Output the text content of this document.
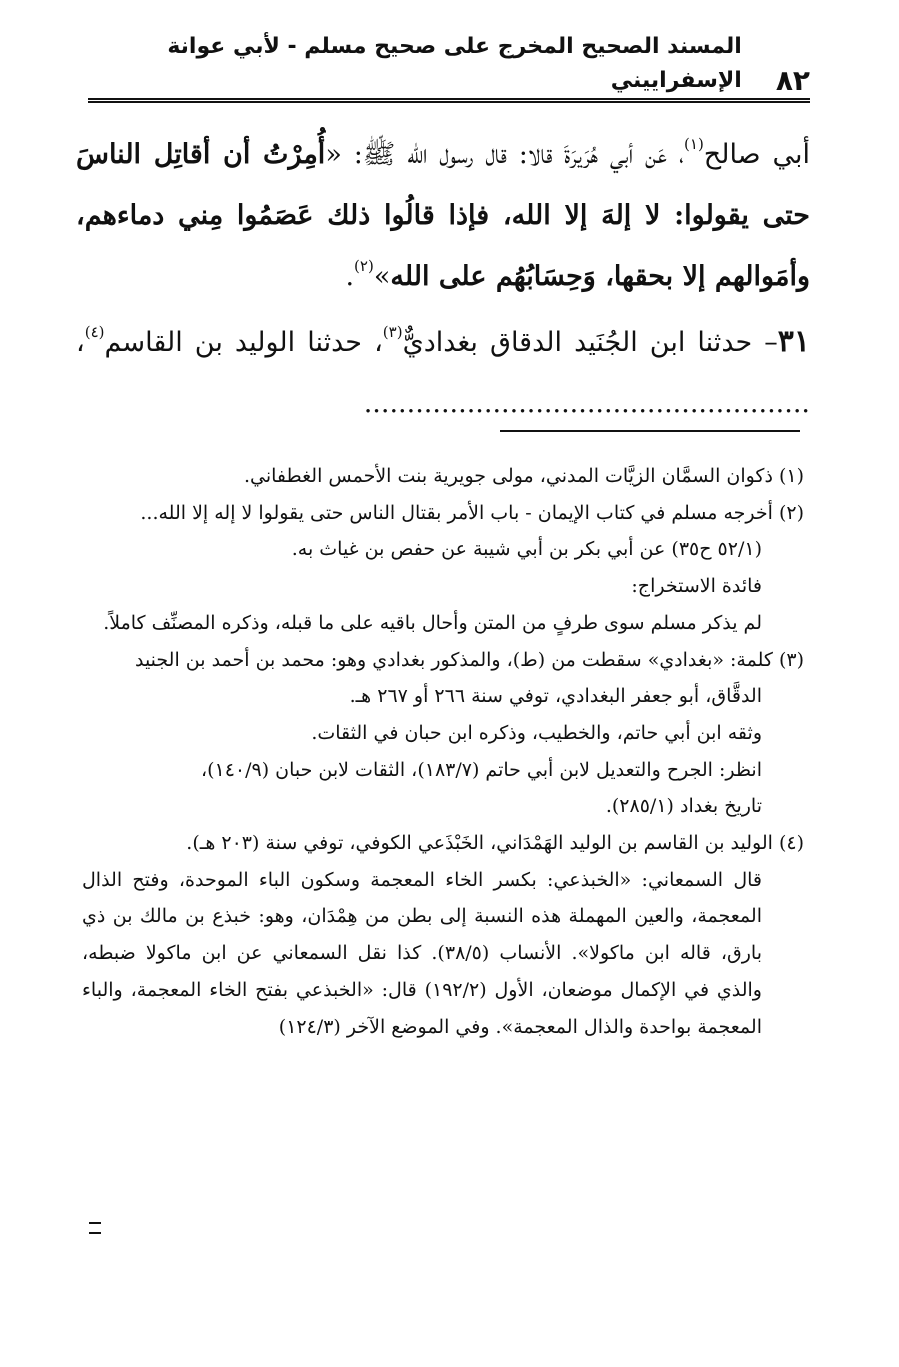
٨٢
المسند الصحيح المخرج على صحيح مسلم - لأبي عوانة الإسفراييني

أبي صالح$^{(١)}$، عَن أبي هُرَيرَةَ قالا: قال رسول الله ﷺ: «أُمِرْتُ أن أقاتِل الناسَ حتى يقولوا: لا إلهَ إلا الله، فإذا قالُوا ذلك عَصَمُوا مِني دماءهم، وأمَوالهم إلا بحقها، وَحِسَابُهُم على الله»$^{(٢)}$.

٣١– حدثنا ابن الجُنَيد الدقاق بغداديٌّ$^{(٣)}$، حدثنا الوليد بن القاسم$^{(٤)}$، ....................................................

(١)ذكوان السمَّان الزيَّات المدني، مولى جويرية بنت الأحمس الغطفاني.

(٢)أخرجه مسلم في كتاب الإيمان - باب الأمر بقتال الناس حتى يقولوا لا إله إلا الله...

(٥٢/١ ح٣٥) عن أبي بكر بن أبي شيبة عن حفص بن غياث به.

فائدة الاستخراج:

لم يذكر مسلم سوى طرفٍ من المتن وأحال باقيه على ما قبله، وذكره المصنِّف كاملاً.

(٣)كلمة: «بغدادي» سقطت من (ط)، والمذكور بغدادي وهو: محمد بن أحمد بن الجنيد

الدقَّاق، أبو جعفر البغدادي، توفي سنة ٢٦٦ أو ٢٦٧ هـ.

وثقه ابن أبي حاتم، والخطيب، وذكره ابن حبان في الثقات.

انظر: الجرح والتعديل لابن أبي حاتم (١٨٣/٧)، الثقات لابن حبان (١٤٠/٩)،

تاريخ بغداد (٢٨٥/١).

(٤)الوليد بن القاسم بن الوليد الهَمْدَاني، الخَبْذَعي الكوفي، توفي سنة (٢٠٣ هـ).

قال السمعاني: «الخبذعي: بكسر الخاء المعجمة وسكون الباء الموحدة، وفتح الذال المعجمة، والعين المهملة هذه النسبة إلى بطن من هِمْدَان، وهو: خبذع بن مالك بن ذي بارق، قاله ابن ماكولا». الأنساب (٣٨/٥). كذا نقل السمعاني عن ابن ماكولا ضبطه، والذي في الإكمال موضعان، الأول (١٩٢/٢) قال: «الخبذعي بفتح الخاء المعجمة، والباء المعجمة بواحدة والذال المعجمة». وفي الموضع الآخر (١٢٤/٣)
